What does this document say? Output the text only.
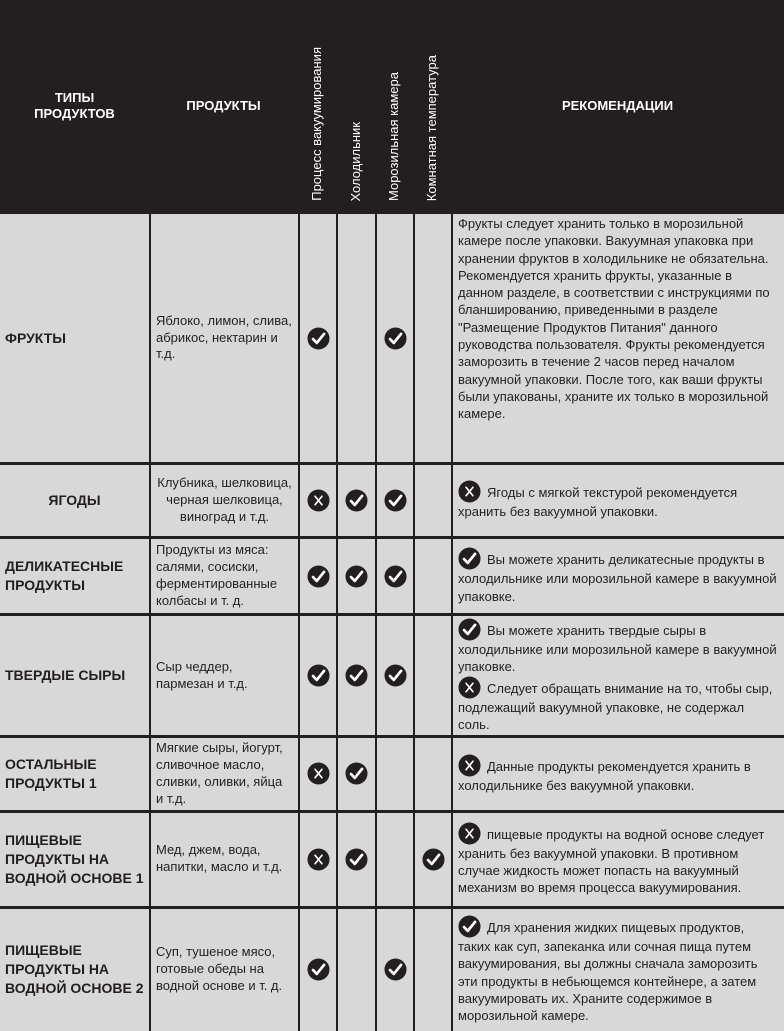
ТИПЫ ПРОДУКТОВ	ПРОДУКТЫ	Процесс вакуумирования	Холодильник	Морозильная камера	Комнатная температура	РЕКОМЕНДАЦИИ
ФРУКТЫ	Яблоко, лимон, слива, абрикос, нектарин и т.д.					Фрукты следует хранить только в морозильной камере после упаковки. Вакуумная упаковка при хранении фруктов в холодильнике не обязательна.
Рекомендуется хранить фрукты, указанные в данном разделе, в соответствии с инструкциями по бланшированию, приведенными в разделе "Размещение Продуктов Питания" данного руководства пользователя. Фрукты рекомендуется заморозить в течение 2 часов перед началом вакуумной упаковки. После того, как ваши фрукты были упакованы, храните их только в морозильной камере.
ЯГОДЫ	Клубника, шелковица, черная шелковица, виноград и т.д.					Ягоды с мягкой текстурой рекомендуется хранить без вакуумной упаковки.
ДЕЛИКАТЕСНЫЕ ПРОДУКТЫ	Продукты из мяса: салями, сосиски, ферментированные колбасы и т. д.					Вы можете хранить деликатесные продукты в холодильнике или морозильной камере в вакуумной упаковке.
ТВЕРДЫЕ СЫРЫ	Сыр чеддер, пармезан и т.д.					Вы можете хранить твердые сыры в холодильнике или морозильной камере в вакуумной упаковке.
Следует обращать внимание на то, чтобы сыр, подлежащий вакуумной упаковке, не содержал соль.

ОСТАЛЬНЫЕ ПРОДУКТЫ 1	Мягкие сыры, йогурт, сливочное масло, сливки, оливки, яйца и т.д.					Данные продукты рекомендуется хранить в холодильнике без вакуумной упаковки.
ПИЩЕВЫЕ ПРОДУКТЫ НА ВОДНОЙ ОСНОВЕ 1	Мед, джем, вода, напитки, масло и т.д.					пищевые продукты на водной основе следует хранить без вакуумной упаковки. В противном случае жидкость может попасть на вакуумный механизм во время процесса вакуумирования.
ПИЩЕВЫЕ ПРОДУКТЫ НА ВОДНОЙ ОСНОВЕ 2	Суп, тушеное мясо, готовые обеды на водной основе и т. д.					Для хранения жидких пищевых продуктов, таких как суп, запеканка или сочная пища путем вакуумирования, вы должны сначала заморозить эти продукты в небьющемся контейнере, а затем вакуумировать их. Храните содержимое в морозильной камере.
